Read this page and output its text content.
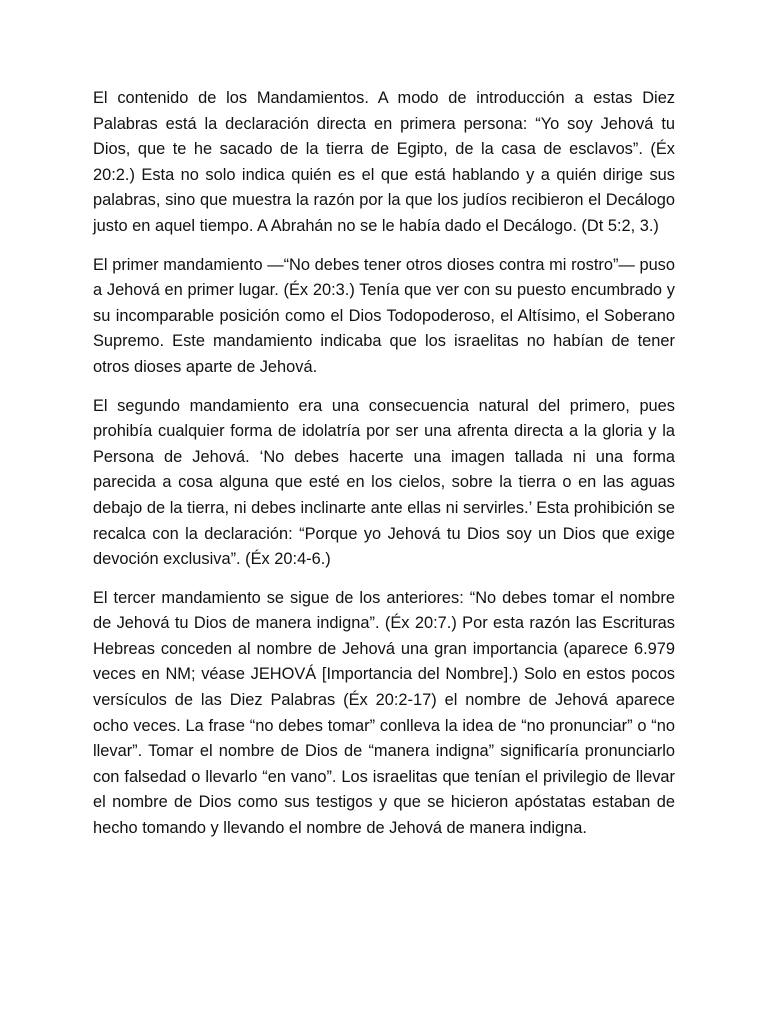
El contenido de los Mandamientos. A modo de introducción a estas Diez Palabras está la declaración directa en primera persona: “Yo soy Jehová tu Dios, que te he sacado de la tierra de Egipto, de la casa de esclavos”. (Éx 20:2.) Esta no solo indica quién es el que está hablando y a quién dirige sus palabras, sino que muestra la razón por la que los judíos recibieron el Decálogo justo en aquel tiempo. A Abrahán no se le había dado el Decálogo. (Dt 5:2, 3.)

El primer mandamiento —“No debes tener otros dioses contra mi rostro”— puso a Jehová en primer lugar. (Éx 20:3.) Tenía que ver con su puesto encumbrado y su incomparable posición como el Dios Todopoderoso, el Altísimo, el Soberano Supremo. Este mandamiento indicaba que los israelitas no habían de tener otros dioses aparte de Jehová.

El segundo mandamiento era una consecuencia natural del primero, pues prohibía cualquier forma de idolatría por ser una afrenta directa a la gloria y la Persona de Jehová. ‘No debes hacerte una imagen tallada ni una forma parecida a cosa alguna que esté en los cielos, sobre la tierra o en las aguas debajo de la tierra, ni debes inclinarte ante ellas ni servirles.’ Esta prohibición se recalca con la declaración: “Porque yo Jehová tu Dios soy un Dios que exige devoción exclusiva”. (Éx 20:4-6.)

El tercer mandamiento se sigue de los anteriores: “No debes tomar el nombre de Jehová tu Dios de manera indigna”. (Éx 20:7.) Por esta razón las Escrituras Hebreas conceden al nombre de Jehová una gran importancia (aparece 6.979 veces en NM; véase JEHOVÁ [Importancia del Nombre].) Solo en estos pocos versículos de las Diez Palabras (Éx 20:2-17) el nombre de Jehová aparece ocho veces. La frase “no debes tomar” conlleva la idea de “no pronunciar” o “no llevar”. Tomar el nombre de Dios de “manera indigna” significaría pronunciarlo con falsedad o llevarlo “en vano”. Los israelitas que tenían el privilegio de llevar el nombre de Dios como sus testigos y que se hicieron apóstatas estaban de hecho tomando y llevando el nombre de Jehová de manera indigna.
